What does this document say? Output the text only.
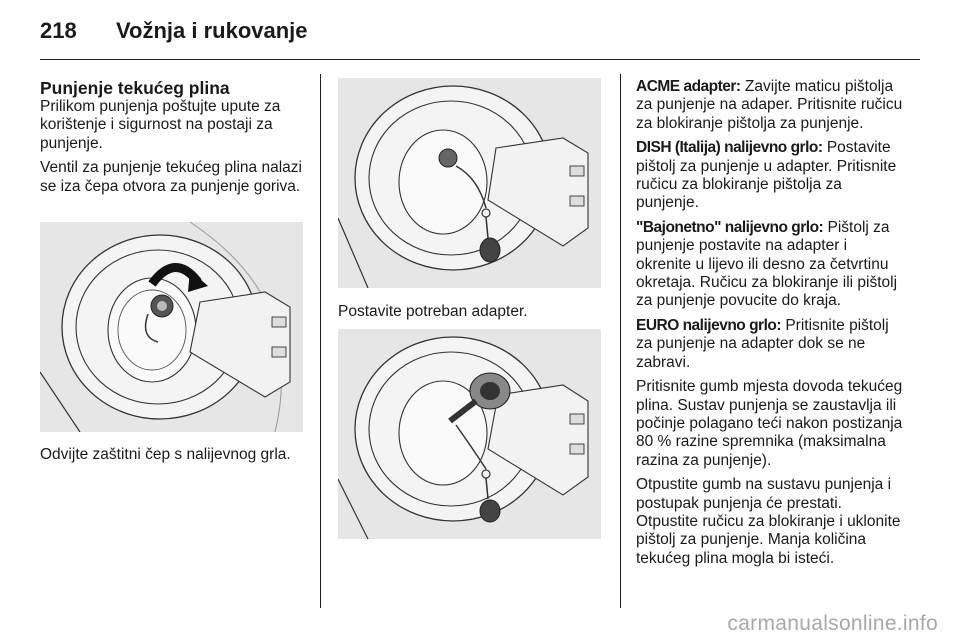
218 Vožnja i rukovanje
Punjenje tekućeg plina

Prilikom punjenja poštujte upute za korištenje i sigurnost na postaji za punjenje.

Ventil za punjenje tekućeg plina nalazi se iza čepa otvora za punjenje goriva.

Odvijte zaštitni čep s nalijevnog grla.
Postavite potreban adapter.

ACME adapter: Zavijte maticu pištolja za punjenje na adaper. Pritisnite ručicu za blokiranje pištolja za punjenje.

DISH (Italija) nalijevno grlo: Postavite pištolj za punjenje u adapter. Pritisnite ručicu za blokiranje pištolja za punjenje.

"Bajonetno" nalijevno grlo: Pištolj za punjenje postavite na adapter i okrenite u lijevo ili desno za četvrtinu okretaja. Ručicu za blokiranje ili pištolj za punjenje povucite do kraja.

EURO nalijevno grlo: Pritisnite pištolj za punjenje na adapter dok se ne zabravi.

Pritisnite gumb mjesta dovoda tekućeg plina. Sustav punjenja se zaustavlja ili počinje polagano teći nakon postizanja 80 % razine spremnika (maksimalna razina za punjenje).

Otpustite gumb na sustavu punjenja i postupak punjenja će prestati. Otpustite ručicu za blokiranje i uklonite pištolj za punjenje. Manja količina tekućeg plina mogla bi isteći.

carmanualsonline.info
